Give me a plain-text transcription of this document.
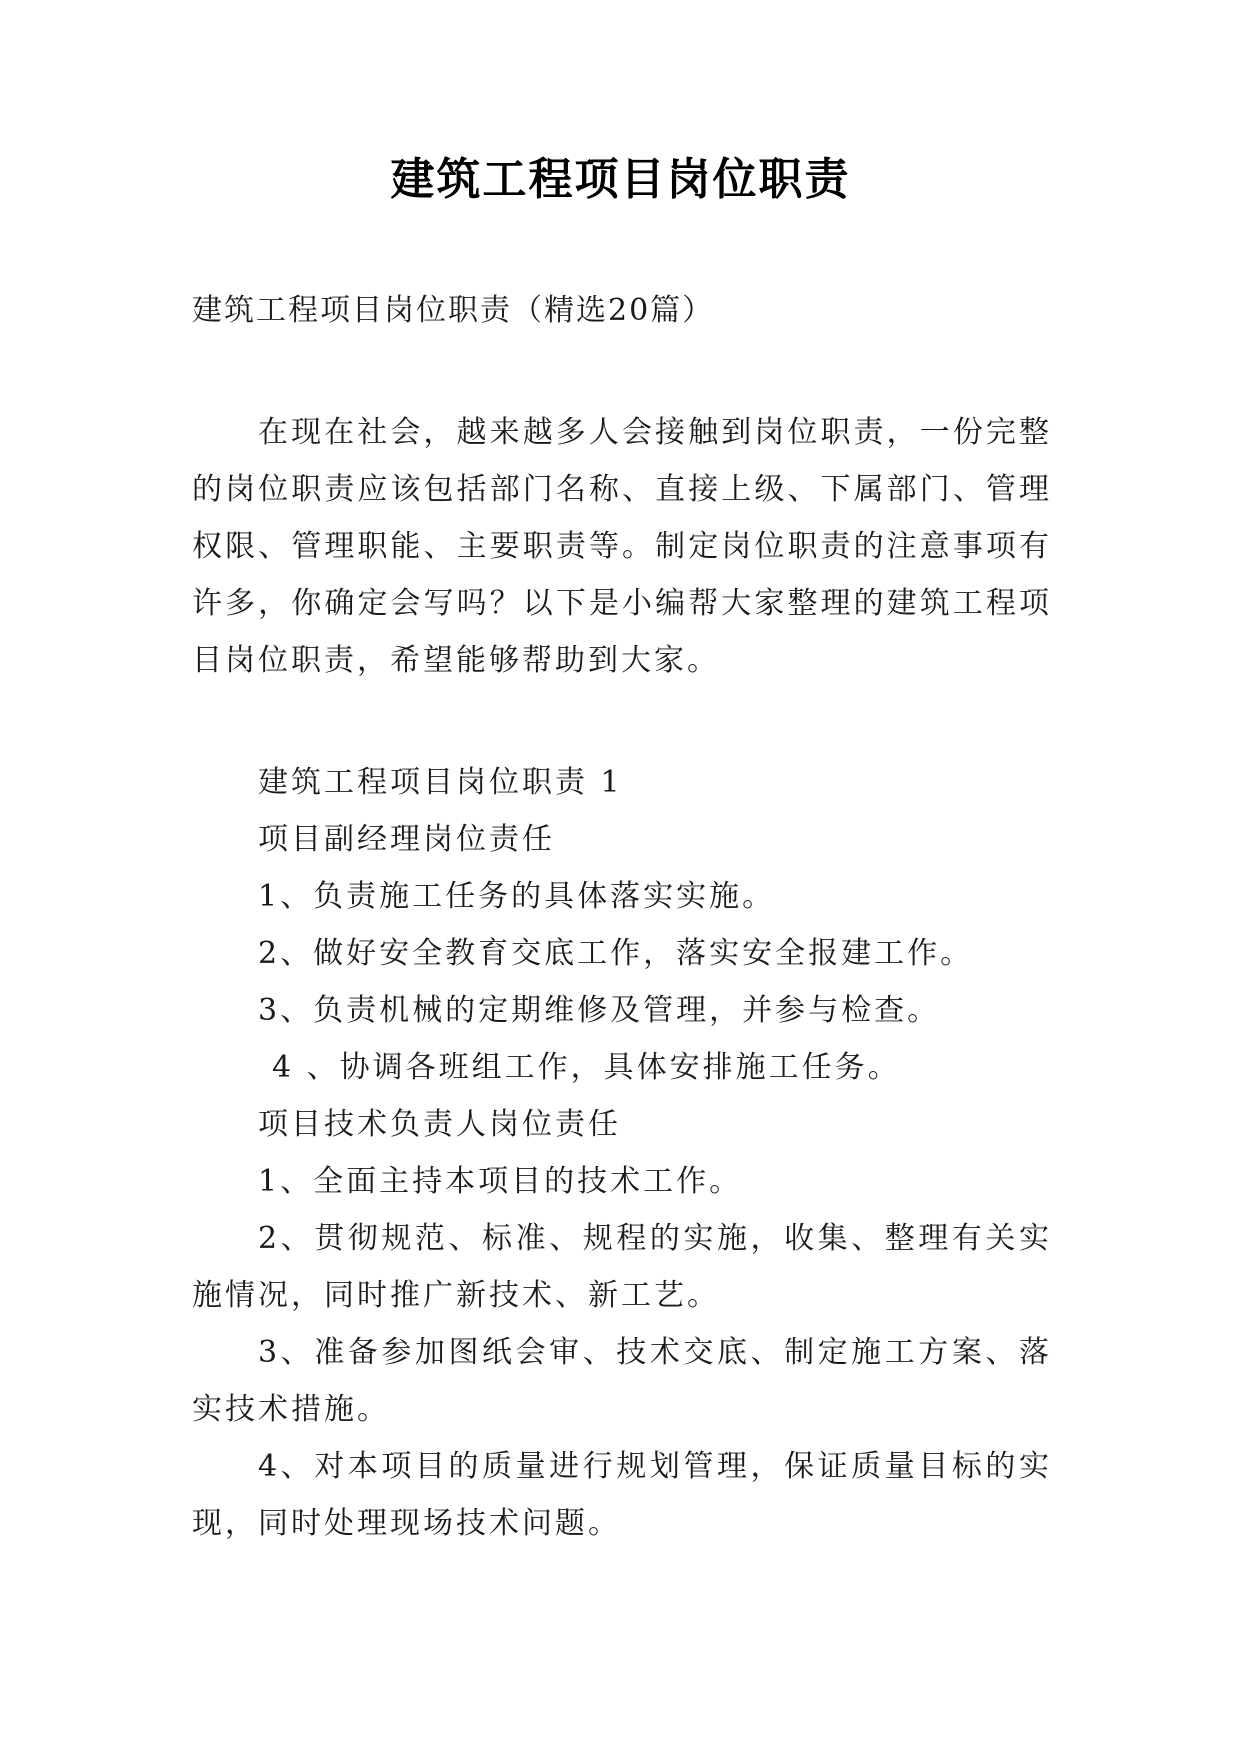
建筑工程项目岗位职责
建筑工程项目岗位职责（精选20篇）

在现在社会，越来越多人会接触到岗位职责，一份完整的岗位职责应该包括部门名称、直接上级、下属部门、管理权限、管理职能、主要职责等。制定岗位职责的注意事项有许多，你确定会写吗？以下是小编帮大家整理的建筑工程项目岗位职责，希望能够帮助到大家。

建筑工程项目岗位职责 1

项目副经理岗位责任

1、负责施工任务的具体落实实施。

2、做好安全教育交底工作，落实安全报建工作。

3、负责机械的定期维修及管理，并参与检查。

4 、协调各班组工作，具体安排施工任务。

项目技术负责人岗位责任

1、全面主持本项目的技术工作。

2、贯彻规范、标准、规程的实施，收集、整理有关实施情况，同时推广新技术、新工艺。

3、准备参加图纸会审、技术交底、制定施工方案、落实技术措施。

4、对本项目的质量进行规划管理，保证质量目标的实现，同时处理现场技术问题。
